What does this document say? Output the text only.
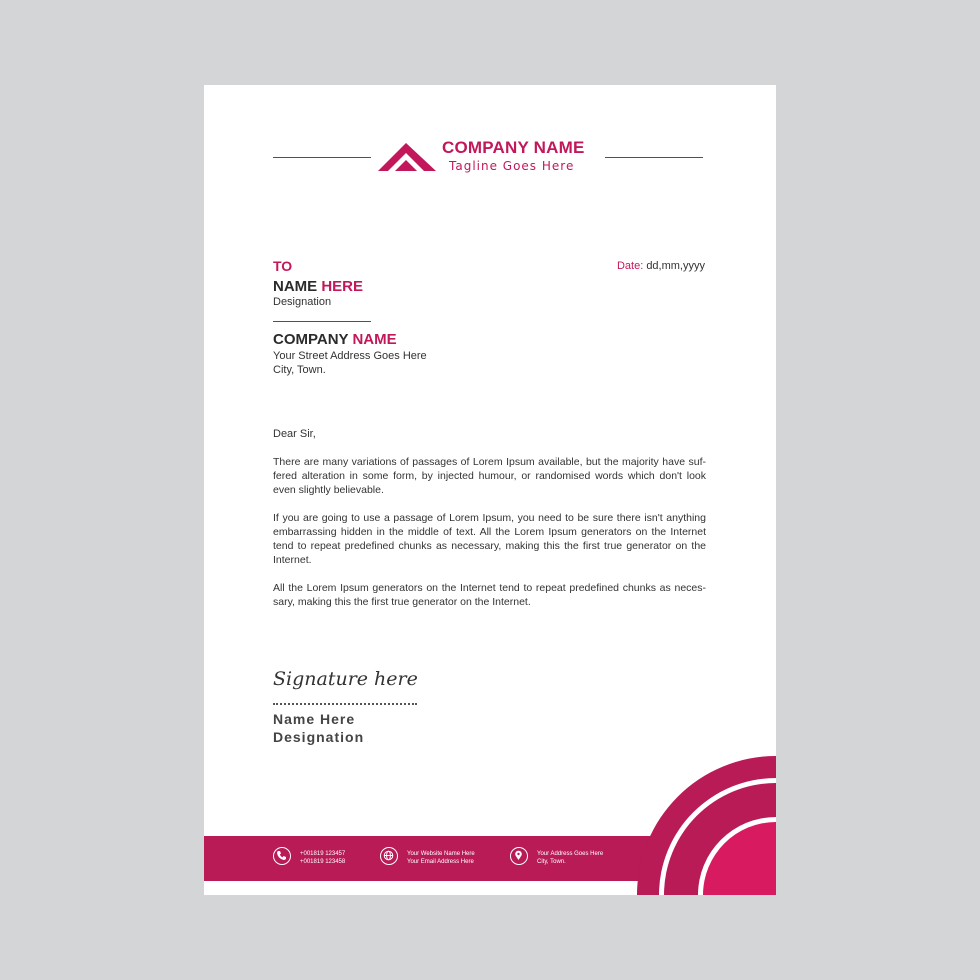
COMPANY NAME
Tagline Goes Here
TO	Date: dd,mm,yyyy
NAME HERE
Designation
COMPANY NAME
Your Street Address Goes Here
City, Town.
Dear Sir,

There are many variations of passages of Lorem Ipsum available, but the majority have suf-fered alteration in some form, by injected humour, or randomised words which don't look even slightly believable.

If you are going to use a passage of Lorem Ipsum, you need to be sure there isn't anything embarrassing hidden in the middle of text. All the Lorem Ipsum generators on the Internet tend to repeat predefined chunks as necessary, making this the first true generator on the Internet.

All the Lorem Ipsum generators on the Internet tend to repeat predefined chunks as neces-sary, making this the first true generator on the Internet.

Signature here
Name Here
Designation
+001819 123457
+001819 123458
Your Website Name Here
Your Email Address Here
Your Address Goes Here
City, Town.
